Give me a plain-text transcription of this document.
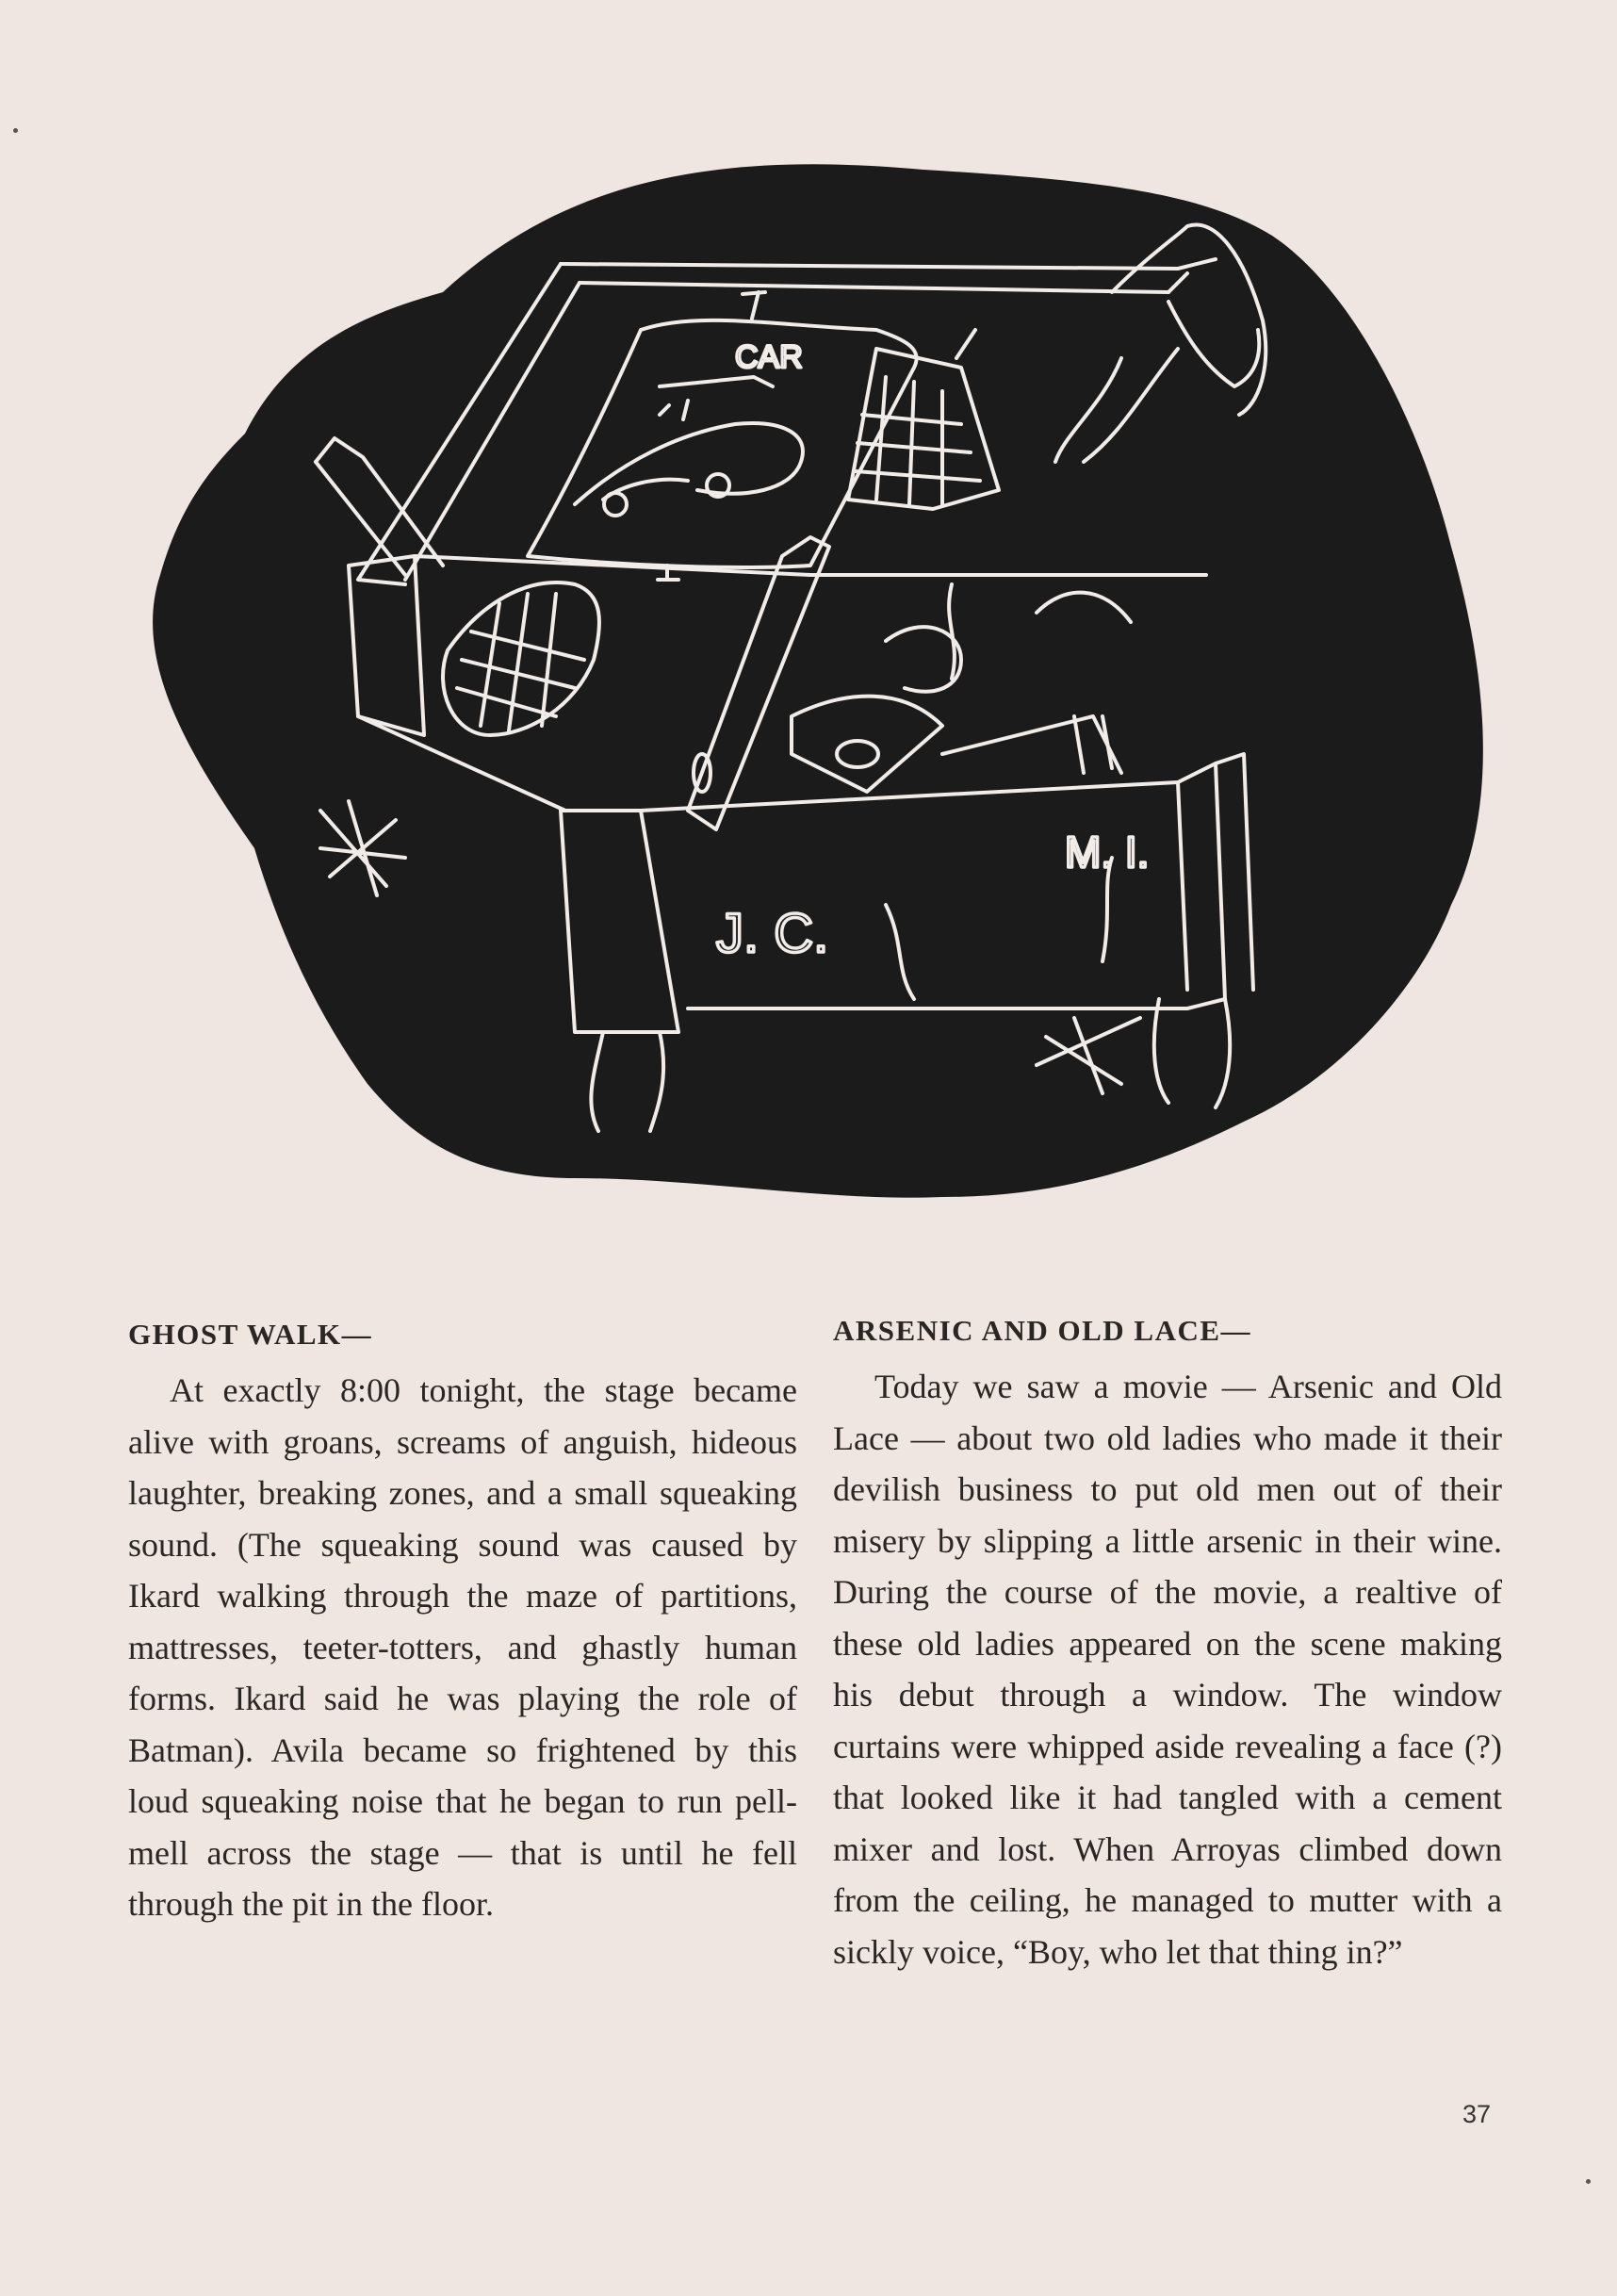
CAR
J. C.
M. I.
GHOST WALK—

At exactly 8:00 tonight, the stage became alive with groans, screams of anguish, hideous laughter, breaking zones, and a small squeaking sound. (The squeaking sound was caused by Ikard walking through the maze of partitions, mattresses, teeter-totters, and ghastly human forms. Ikard said he was playing the role of Batman). Avila became so frightened by this loud squeaking noise that he began to run pell-mell across the stage — that is until he fell through the pit in the floor.

ARSENIC AND OLD LACE—

Today we saw a movie — Arsenic and Old Lace — about two old ladies who made it their devilish business to put old men out of their misery by slipping a little arsenic in their wine. During the course of the movie, a realtive of these old ladies appeared on the scene making his debut through a window. The window curtains were whipped aside revealing a face (?) that looked like it had tangled with a cement mixer and lost. When Arroyas climbed down from the ceiling, he managed to mutter with a sickly voice, “Boy, who let that thing in?”

37
